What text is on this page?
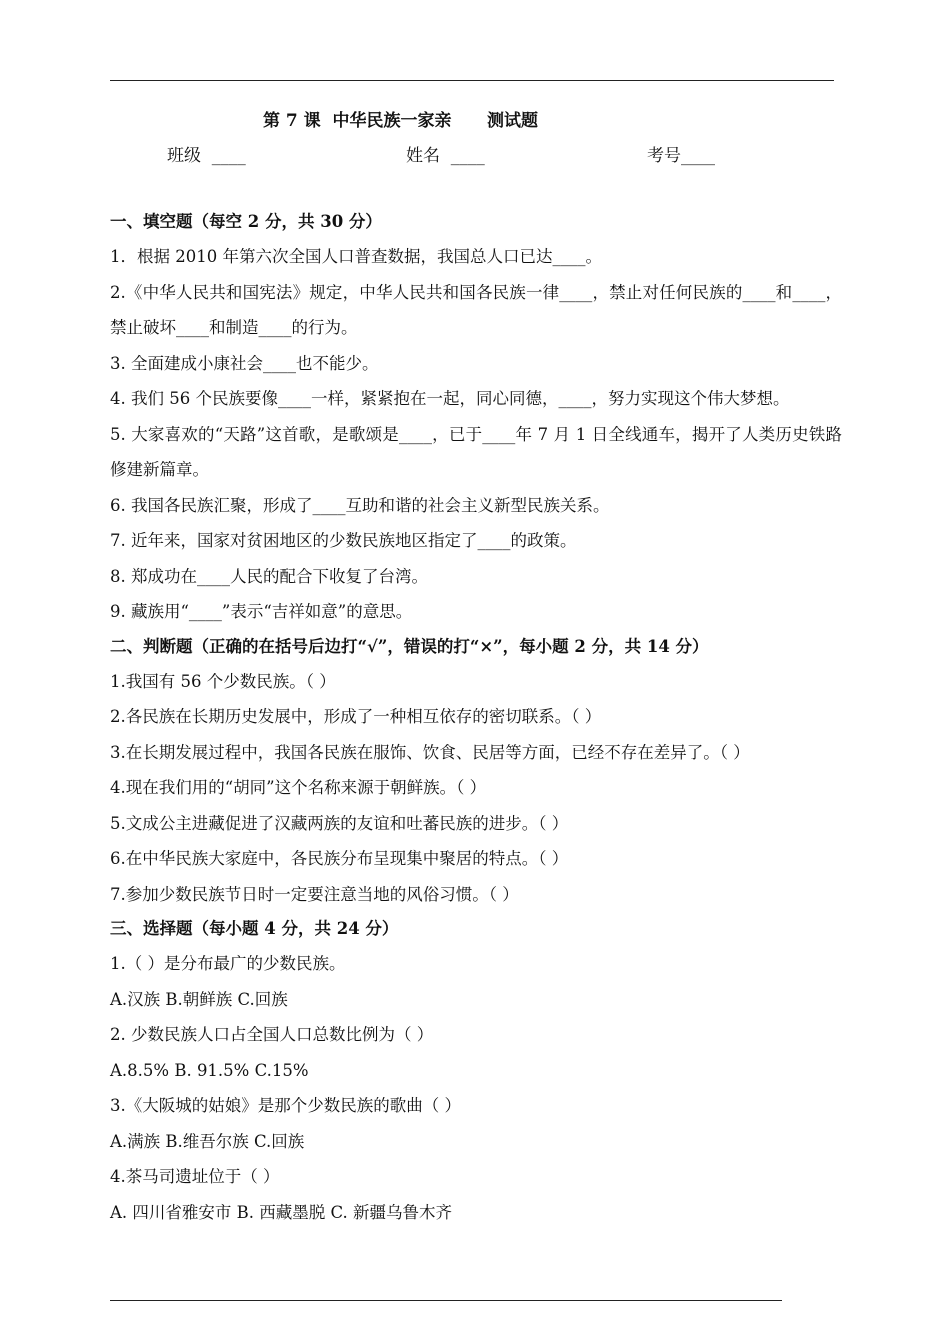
第 7 课  中华民族一家亲      测试题
班级  ____	姓名  ____	考号____
一、填空题（每空 2 分，共 30 分）
1．根据 2010 年第六次全国人口普查数据，我国总人口已达____。
2.《中华人民共和国宪法》规定，中华人民共和国各民族一律____，禁止对任何民族的____和____，禁止破坏____和制造____的行为。
3. 全面建成小康社会____也不能少。
4. 我们 56 个民族要像____一样，紧紧抱在一起，同心同德，____，努力实现这个伟大梦想。
5. 大家喜欢的“天路”这首歌，是歌颂是____，已于____年 7 月 1 日全线通车，揭开了人类历史铁路修建新篇章。
6. 我国各民族汇聚，形成了____互助和谐的社会主义新型民族关系。
7. 近年来，国家对贫困地区的少数民族地区指定了____的政策。
8. 郑成功在____人民的配合下收复了台湾。
9. 藏族用“____”表示“吉祥如意”的意思。
二、判断题（正确的在括号后边打“√”，错误的打“×”，每小题 2 分，共 14 分）
1.我国有 56 个少数民族。（ ）
2.各民族在长期历史发展中，形成了一种相互依存的密切联系。（ ）
3.在长期发展过程中，我国各民族在服饰、饮食、民居等方面，已经不存在差异了。（ ）
4.现在我们用的“胡同”这个名称来源于朝鲜族。（ ）
5.文成公主进藏促进了汉藏两族的友谊和吐蕃民族的进步。（ ）
6.在中华民族大家庭中，各民族分布呈现集中聚居的特点。（ ）
7.参加少数民族节日时一定要注意当地的风俗习惯。（ ）
三、选择题（每小题 4 分，共 24 分）
1.（ ）是分布最广的少数民族。
A.汉族 B.朝鲜族 C.回族
2. 少数民族人口占全国人口总数比例为（ ）
A.8.5% B. 91.5% C.15%
3.《大阪城的姑娘》是那个少数民族的歌曲（ ）
A.满族 B.维吾尔族 C.回族
4.茶马司遗址位于（ ）
A. 四川省雅安市 B. 西藏墨脱 C. 新疆乌鲁木齐
